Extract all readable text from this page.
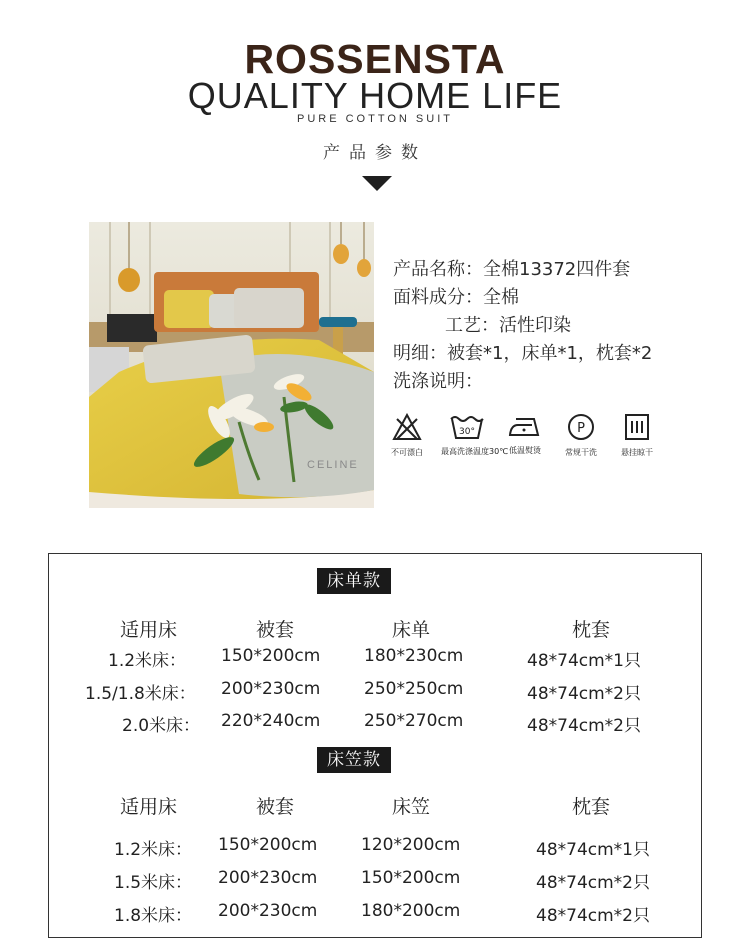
ROSSENSTA
QUALITY HOME LIFE
PURE COTTON SUIT
产品参数
CELINE
产品名称：全棉13372四件套
面料成分：全棉
工艺：活性印染
明细：被套*1，床单*1，枕套*2
洗涤说明：
不可漂白
30°
最高洗涤温度30℃ 低温熨烫
P
常规干洗	悬挂晾干
床单款
适用床	被套	床单	枕套
1.2米床： 150*200cm	180*230cm	48*74cm*1只
1.5/1.8米床： 200*230cm	250*250cm	48*74cm*2只
2.0米床： 220*240cm	250*270cm	48*74cm*2只
床笠款
适用床	被套	床笠	枕套
1.2米床： 150*200cm	120*200cm	48*74cm*1只
1.5米床： 200*230cm	150*200cm	48*74cm*2只
1.8米床： 200*230cm	180*200cm	48*74cm*2只
